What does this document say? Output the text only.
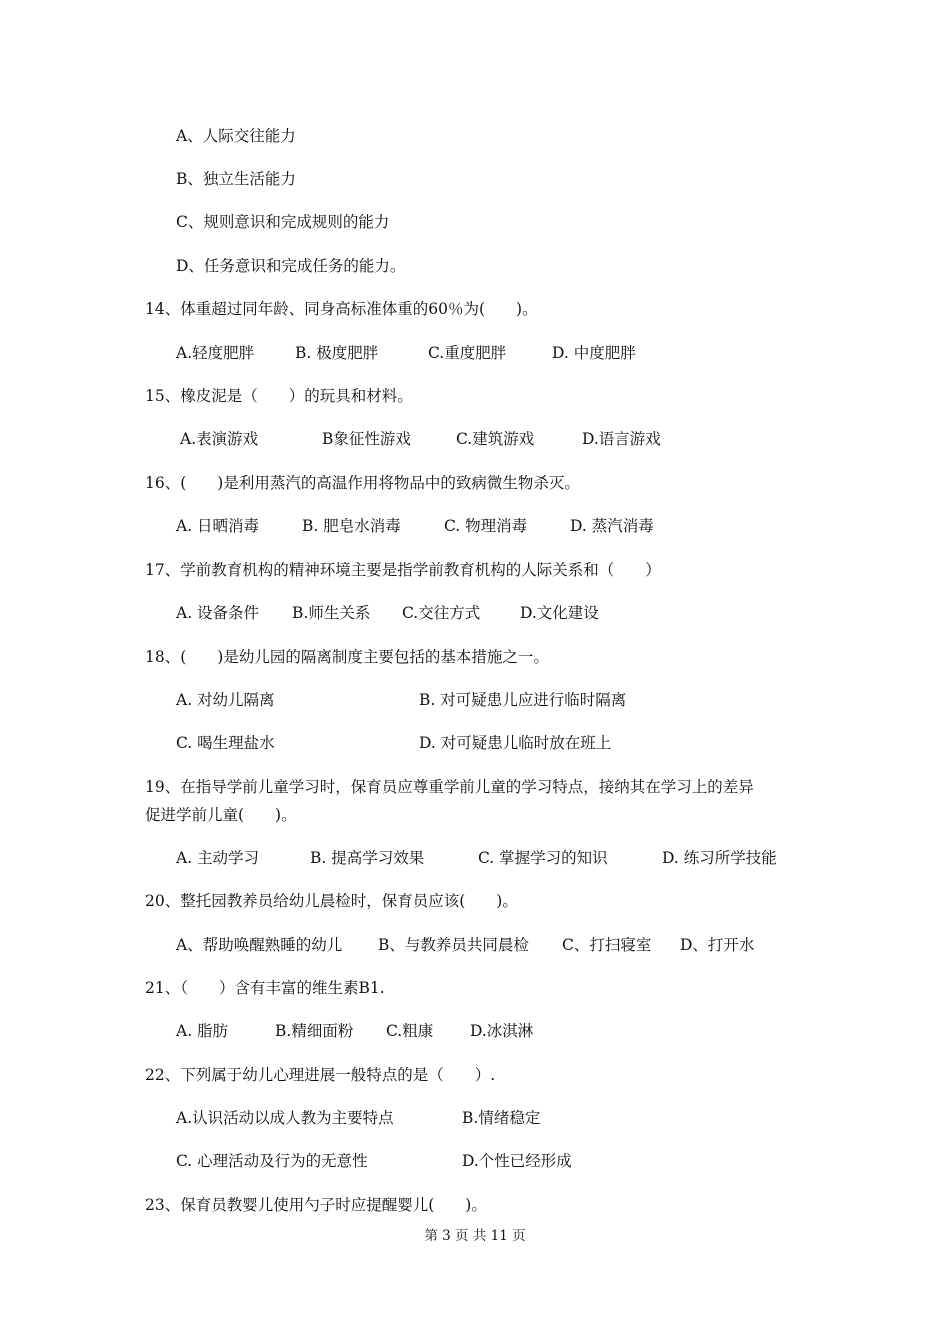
A、人际交往能力
B、独立生活能力
C、规则意识和完成规则的能力
D、任务意识和完成任务的能力。
14、体重超过同年龄、同身高标准体重的60％为(　　)。
A.轻度肥胖	B. 极度肥胖	C.重度肥胖	D. 中度肥胖
15、橡皮泥是（　　）的玩具和材料。
A.表演游戏	B象征性游戏	C.建筑游戏	D.语言游戏
16、(　　)是利用蒸汽的高温作用将物品中的致病微生物杀灭。
A. 日晒消毒	B. 肥皂水消毒	C. 物理消毒	D. 蒸汽消毒
17、学前教育机构的精神环境主要是指学前教育机构的人际关系和（　　）
A. 设备条件 B.师生关系 C.交往方式	D.文化建设
18、(　　)是幼儿园的隔离制度主要包括的基本措施之一。
A. 对幼儿隔离	B. 对可疑患儿应进行临时隔离
C. 喝生理盐水	D. 对可疑患儿临时放在班上
19、在指导学前儿童学习时，保育员应尊重学前儿童的学习特点，接纳其在学习上的差异
促进学前儿童(　　)。
A. 主动学习	B. 提高学习效果	C. 掌握学习的知识	D. 练习所学技能
20、整托园教养员给幼儿晨检时，保育员应该(　　)。
A、帮助唤醒熟睡的幼儿 B、与教养员共同晨检 C、打扫寝室 D、打开水
21、（　　）含有丰富的维生素B1.
A. 脂肪	B.精细面粉 C.粗康 D.冰淇淋
22、下列属于幼儿心理进展一般特点的是（　　）.
A.认识活动以成人教为主要特点	B.情绪稳定
C. 心理活动及行为的无意性	D.个性已经形成
23、保育员教婴儿使用勺子时应提醒婴儿(　　)。
第 3 页 共 11 页
